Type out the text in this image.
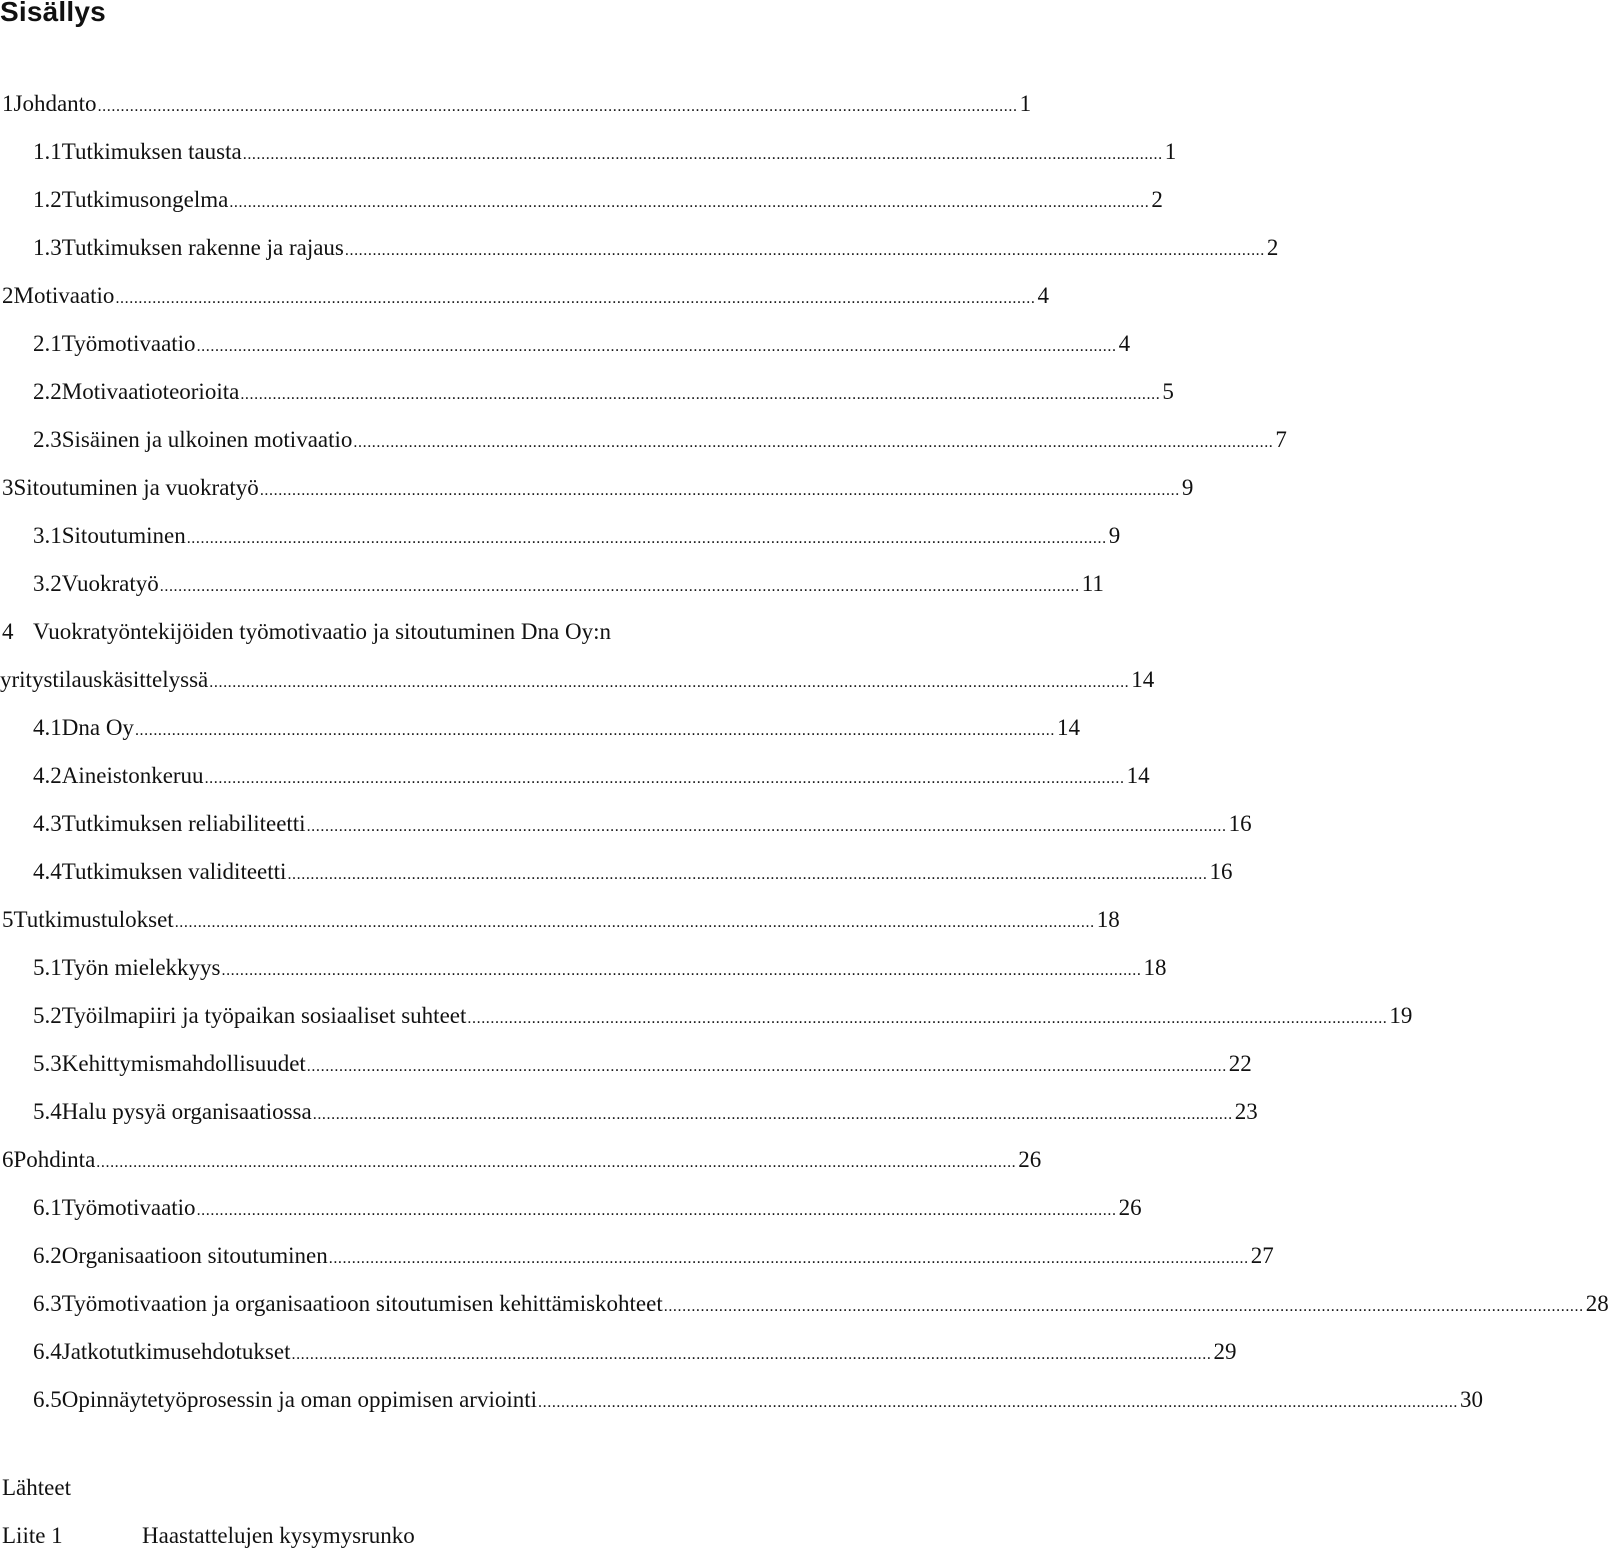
Sisällys
1 Johdanto ........................................................................................................................................................................................................ 1
1.1 Tutkimuksen tausta ........................................................................................................................................................................................................ 1
1.2 Tutkimusongelma ........................................................................................................................................................................................................ 2
1.3 Tutkimuksen rakenne ja rajaus ........................................................................................................................................................................................................ 2
2 Motivaatio ........................................................................................................................................................................................................ 4
2.1 Työmotivaatio ........................................................................................................................................................................................................ 4
2.2 Motivaatioteorioita ........................................................................................................................................................................................................ 5
2.3 Sisäinen ja ulkoinen motivaatio ........................................................................................................................................................................................................ 7
3 Sitoutuminen ja vuokratyö ........................................................................................................................................................................................................ 9
3.1 Sitoutuminen ........................................................................................................................................................................................................ 9
3.2 Vuokratyö ........................................................................................................................................................................................................ 11
4 Vuokratyöntekijöiden työmotivaatio ja sitoutuminen Dna Oy:n
yritystilauskäsittelyssä ........................................................................................................................................................................................................ 14
4.1 Dna Oy ........................................................................................................................................................................................................ 14
4.2 Aineistonkeruu ........................................................................................................................................................................................................ 14
4.3 Tutkimuksen reliabiliteetti ........................................................................................................................................................................................................ 16
4.4 Tutkimuksen validiteetti ........................................................................................................................................................................................................ 16
5 Tutkimustulokset ........................................................................................................................................................................................................ 18
5.1 Työn mielekkyys ........................................................................................................................................................................................................ 18
5.2 Työilmapiiri ja työpaikan sosiaaliset suhteet ........................................................................................................................................................................................................ 19
5.3 Kehittymismahdollisuudet ........................................................................................................................................................................................................ 22
5.4 Halu pysyä organisaatiossa ........................................................................................................................................................................................................ 23
6 Pohdinta ........................................................................................................................................................................................................ 26
6.1 Työmotivaatio ........................................................................................................................................................................................................ 26
6.2 Organisaatioon sitoutuminen ........................................................................................................................................................................................................ 27
6.3 Työmotivaation ja organisaatioon sitoutumisen kehittämiskohteet ........................................................................................................................................................................................................ 28
6.4 Jatkotutkimusehdotukset ........................................................................................................................................................................................................ 29
6.5 Opinnäytetyöprosessin ja oman oppimisen arviointi ........................................................................................................................................................................................................ 30
Lähteet
Liite 1	Haastattelujen kysymysrunko
